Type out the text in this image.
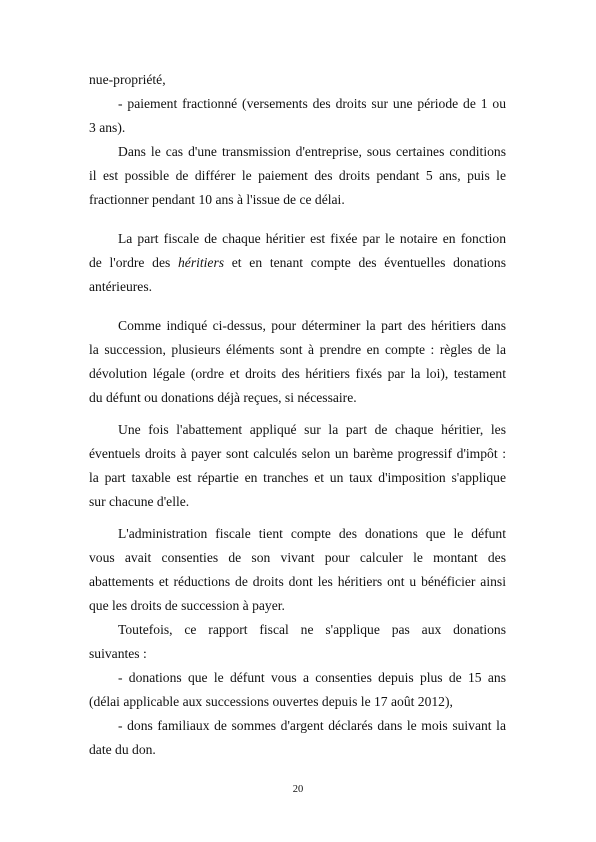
nue-propriété,
- paiement fractionné (versements des droits sur une période de 1 ou
3 ans).
Dans le cas d'une transmission d'entreprise, sous certaines conditions
il est possible de différer le paiement des droits pendant 5 ans, puis le
fractionner pendant 10 ans à l'issue de ce délai.
La part fiscale de chaque héritier est fixée par le notaire en fonction
de l'ordre des héritiers et en tenant compte des éventuelles donations
antérieures.
Comme indiqué ci-dessus, pour déterminer la part des héritiers dans
la succession, plusieurs éléments sont à prendre en compte : règles de la
dévolution légale (ordre et droits des héritiers fixés par la loi), testament
du défunt ou donations déjà reçues, si nécessaire.
Une fois l'abattement appliqué sur la part de chaque héritier, les
éventuels droits à payer sont calculés selon un barème progressif d'impôt :
la part taxable est répartie en tranches et un taux d'imposition s'applique
sur chacune d'elle.
L'administration fiscale tient compte des donations que le défunt
vous avait consenties de son vivant pour calculer le montant des
abattements et réductions de droits dont les héritiers ont u bénéficier ainsi
que les droits de succession à payer.
Toutefois, ce rapport fiscal ne s'applique pas aux donations
suivantes :
- donations que le défunt vous a consenties depuis plus de 15 ans
(délai applicable aux successions ouvertes depuis le 17 août 2012),
- dons familiaux de sommes d'argent déclarés dans le mois suivant la
date du don.
20
